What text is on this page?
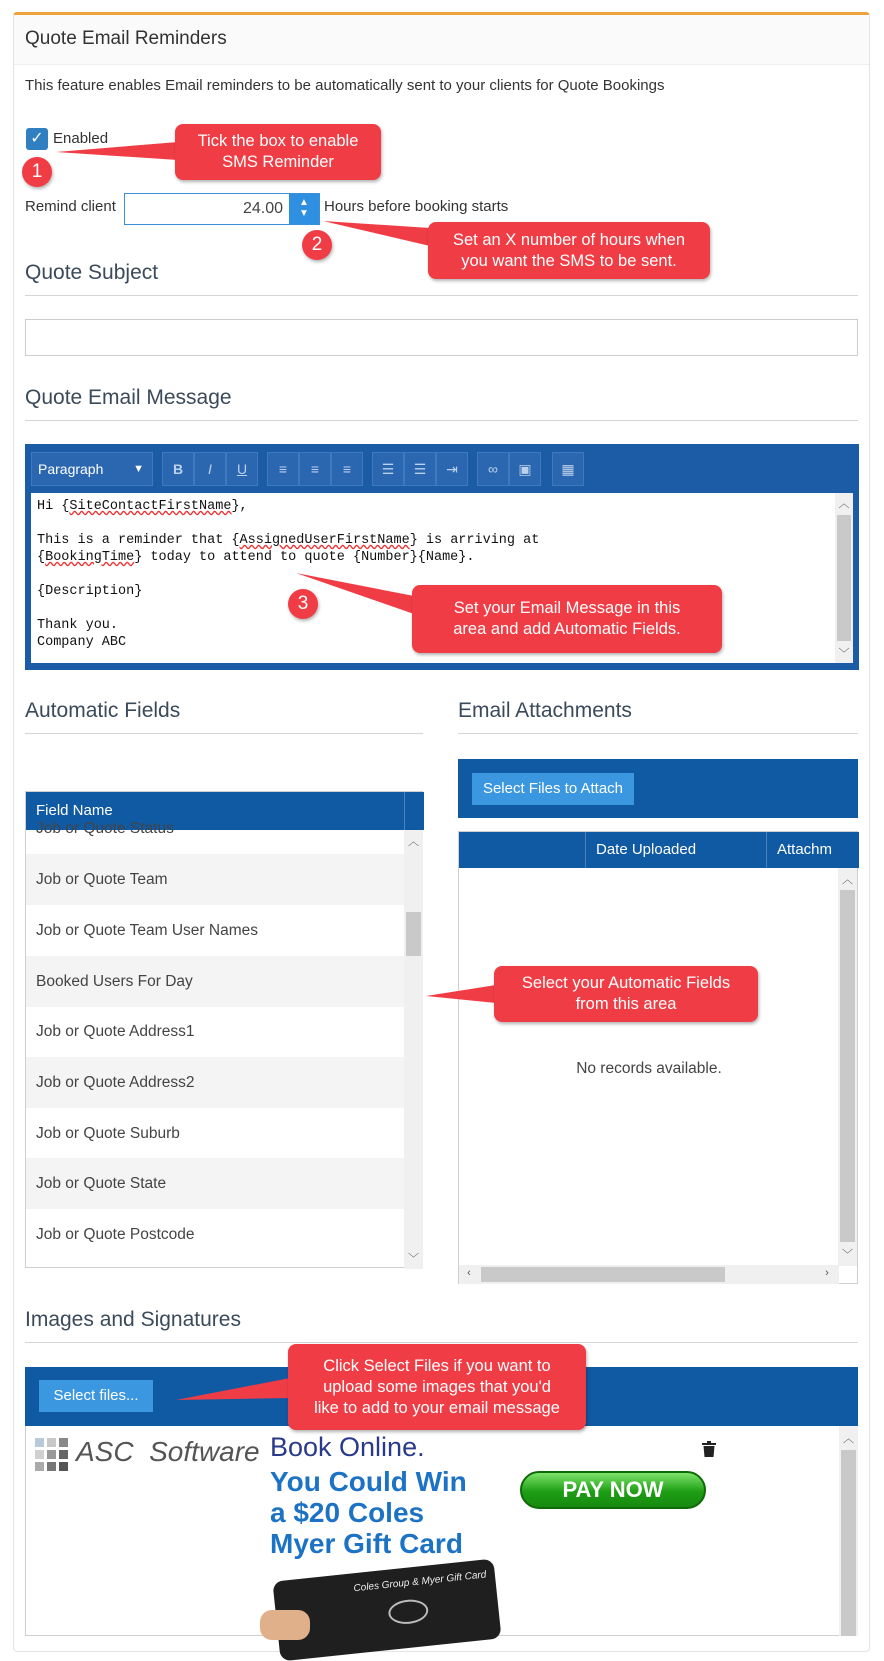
Quote Email Reminders
This feature enables Email reminders to be automatically sent to your clients for Quote Bookings
✓ Enabled
Remind client	24.00	▲
▼	Hours before booking starts
Quote Subject
Quote Email Message
Paragraph	▼	B	I	U	≡	≡	≡	☰	☰	⇥	∞	▣	▦
Hi {SiteContactFirstName},
This is a reminder that {AssignedUserFirstName} is arriving at
{BookingTime} today to attend to quote {Number}{Name}.
{Description}
Thank you.
Company ABC
︿
﹀
Automatic Fields
Field Name
Job or Quote Status
Job or Quote Team
Job or Quote Team User Names
Booked Users For Day
Job or Quote Address1
Job or Quote Address2
Job or Quote Suburb
Job or Quote State
Job or Quote Postcode
︿
﹀
Email Attachments
Select Files to Attach
Date Uploaded	Attachm
No records available.
︿
﹀
‹	›
Images and Signatures
Select files...
ASC  Software Book Online.
You Could Win
a $20 Coles
Myer Gift Card
Coles Group & Myer Gift Card
︿
PAY NOW
Tick the box to enable
SMS Reminder
1
Set an X number of hours when
you want the SMS to be sent.
2
Set your Email Message in this
area and add Automatic Fields.
3
Select your Automatic Fields
from this area
Click Select Files if you want to
upload some images that you'd
like to add to your email message
